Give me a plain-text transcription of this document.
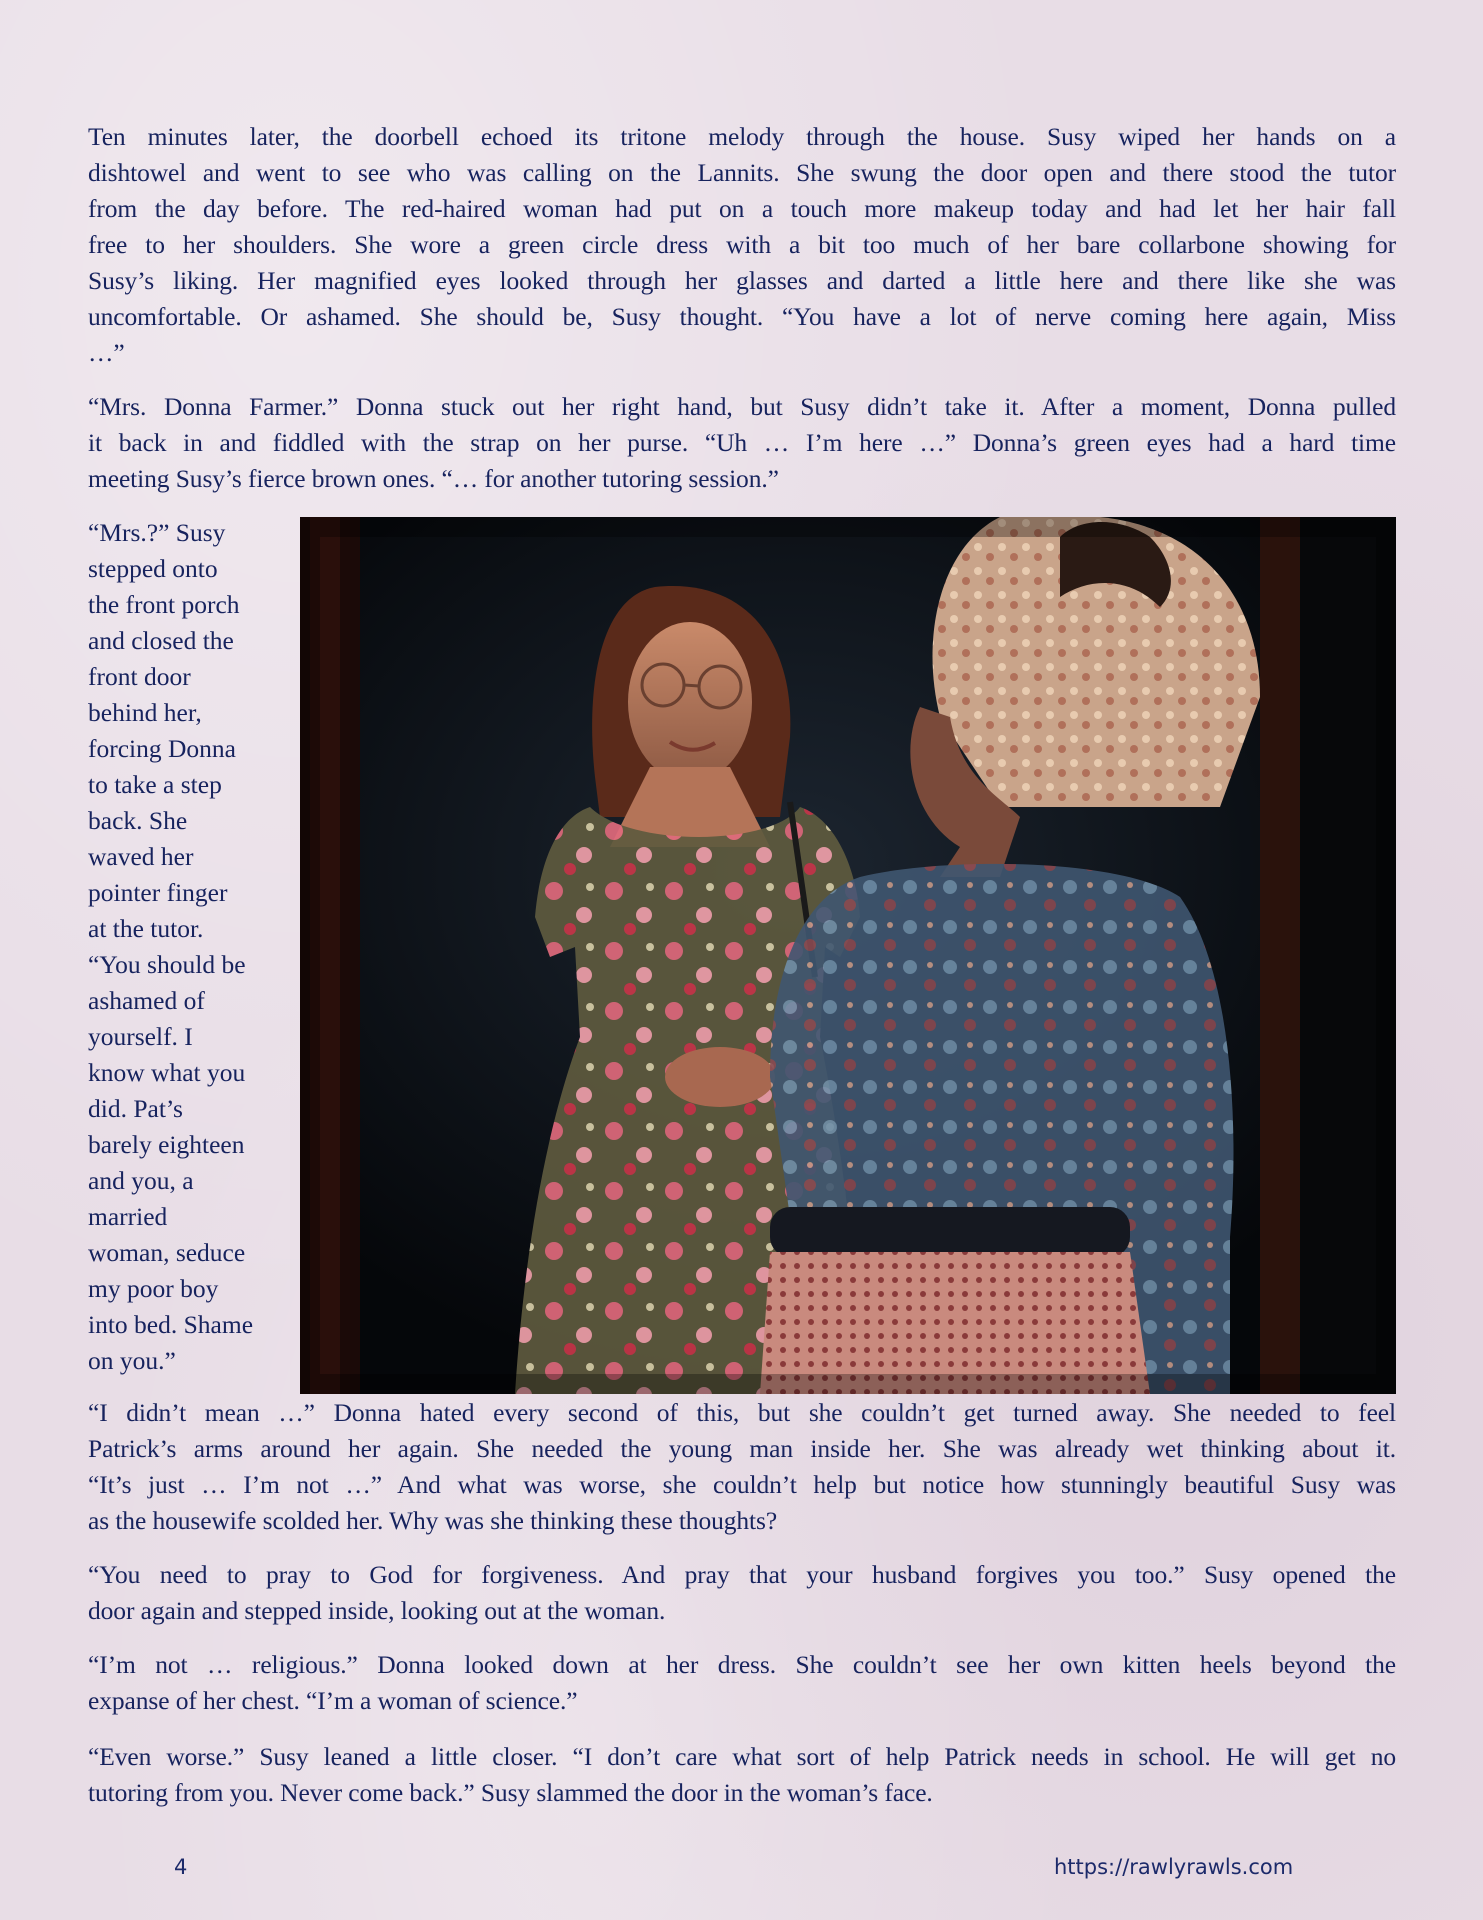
Ten minutes later, the doorbell echoed its tritone melody through the house. Susy wiped her hands on a
dishtowel and went to see who was calling on the Lannits. She swung the door open and there stood the tutor
from the day before. The red-haired woman had put on a touch more makeup today and had let her hair fall
free to her shoulders. She wore a green circle dress with a bit too much of her bare collarbone showing for
Susy’s liking. Her magnified eyes looked through her glasses and darted a little here and there like she was
uncomfortable. Or ashamed. She should be, Susy thought. “You have a lot of nerve coming here again, Miss
…”
“Mrs. Donna Farmer.” Donna stuck out her right hand, but Susy didn’t take it. After a moment, Donna pulled
it back in and fiddled with the strap on her purse. “Uh … I’m here …” Donna’s green eyes had a hard time
meeting Susy’s fierce brown ones. “… for another tutoring session.”
“Mrs.?” Susy
stepped onto
the front porch
and closed the
front door
behind her,
forcing Donna
to take a step
back. She
waved her
pointer finger
at the tutor.
“You should be
ashamed of
yourself. I
know what you
did. Pat’s
barely eighteen
and you, a
married
woman, seduce
my poor boy
into bed. Shame
on you.”
“I didn’t mean …” Donna hated every second of this, but she couldn’t get turned away. She needed to feel
Patrick’s arms around her again. She needed the young man inside her. She was already wet thinking about it.
“It’s just … I’m not …” And what was worse, she couldn’t help but notice how stunningly beautiful Susy was
as the housewife scolded her. Why was she thinking these thoughts?
“You need to pray to God for forgiveness. And pray that your husband forgives you too.” Susy opened the
door again and stepped inside, looking out at the woman.
“I’m not … religious.” Donna looked down at her dress. She couldn’t see her own kitten heels beyond the
expanse of her chest. “I’m a woman of science.”
“Even worse.” Susy leaned a little closer. “I don’t care what sort of help Patrick needs in school. He will get no
tutoring from you. Never come back.” Susy slammed the door in the woman’s face.
4	https://rawlyrawls.com
